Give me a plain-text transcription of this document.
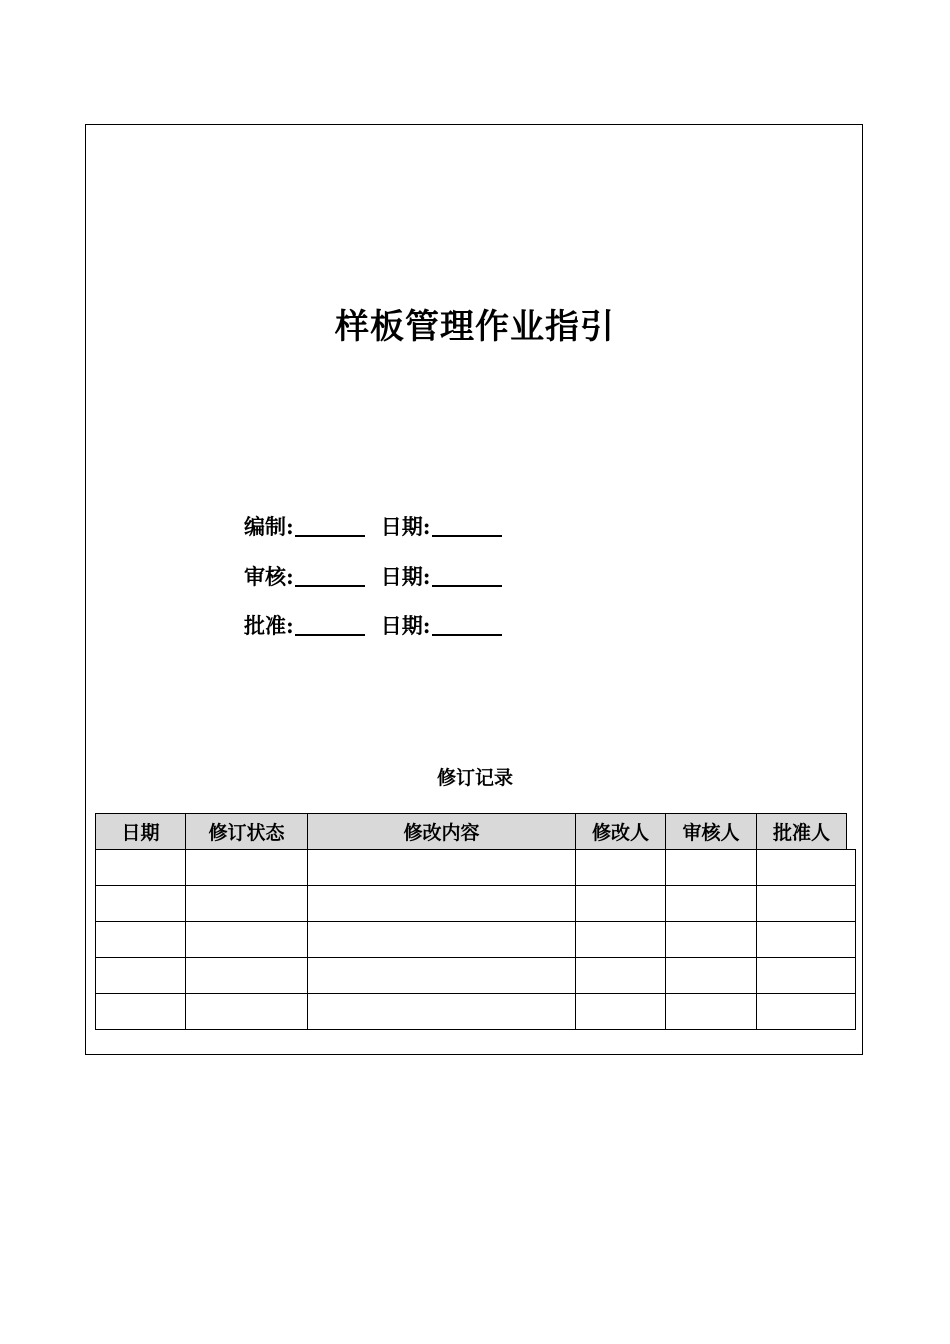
样板管理作业指引
编制:	日期:
审核:	日期:
批准:	日期:
修订记录
日期	修订状态	修改内容	修改人	审核人	批准人	
